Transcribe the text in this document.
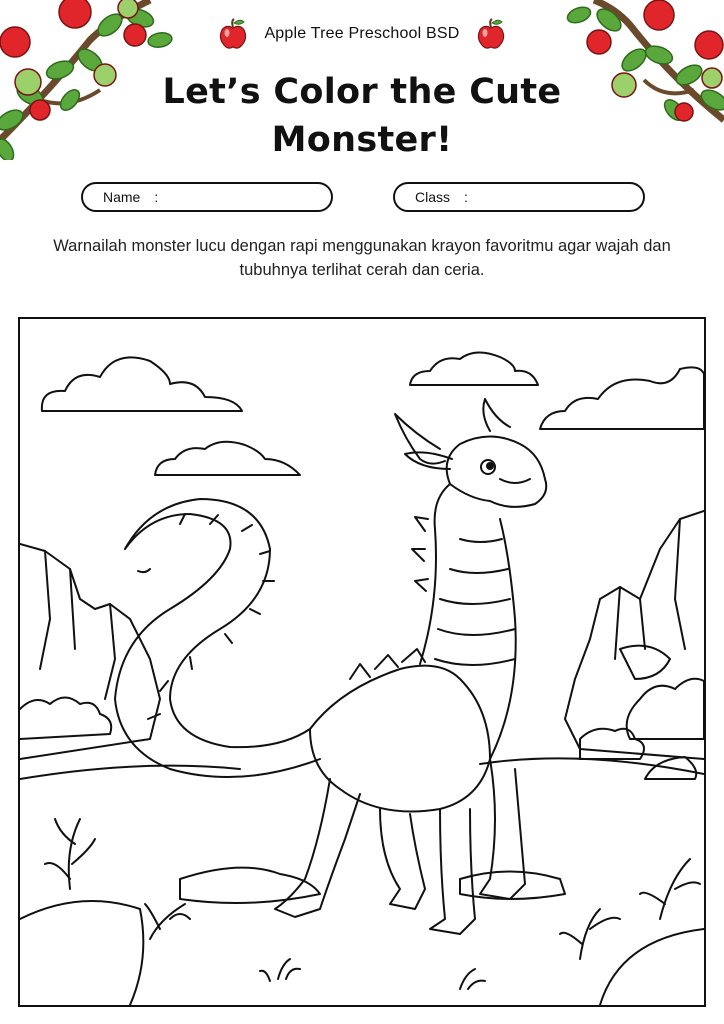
Apple Tree Preschool BSD
Let’s Color the Cute Monster!
Name :	Class :
Warnailah monster lucu dengan rapi menggunakan krayon favoritmu agar wajah dan tubuhnya terlihat cerah dan ceria.
